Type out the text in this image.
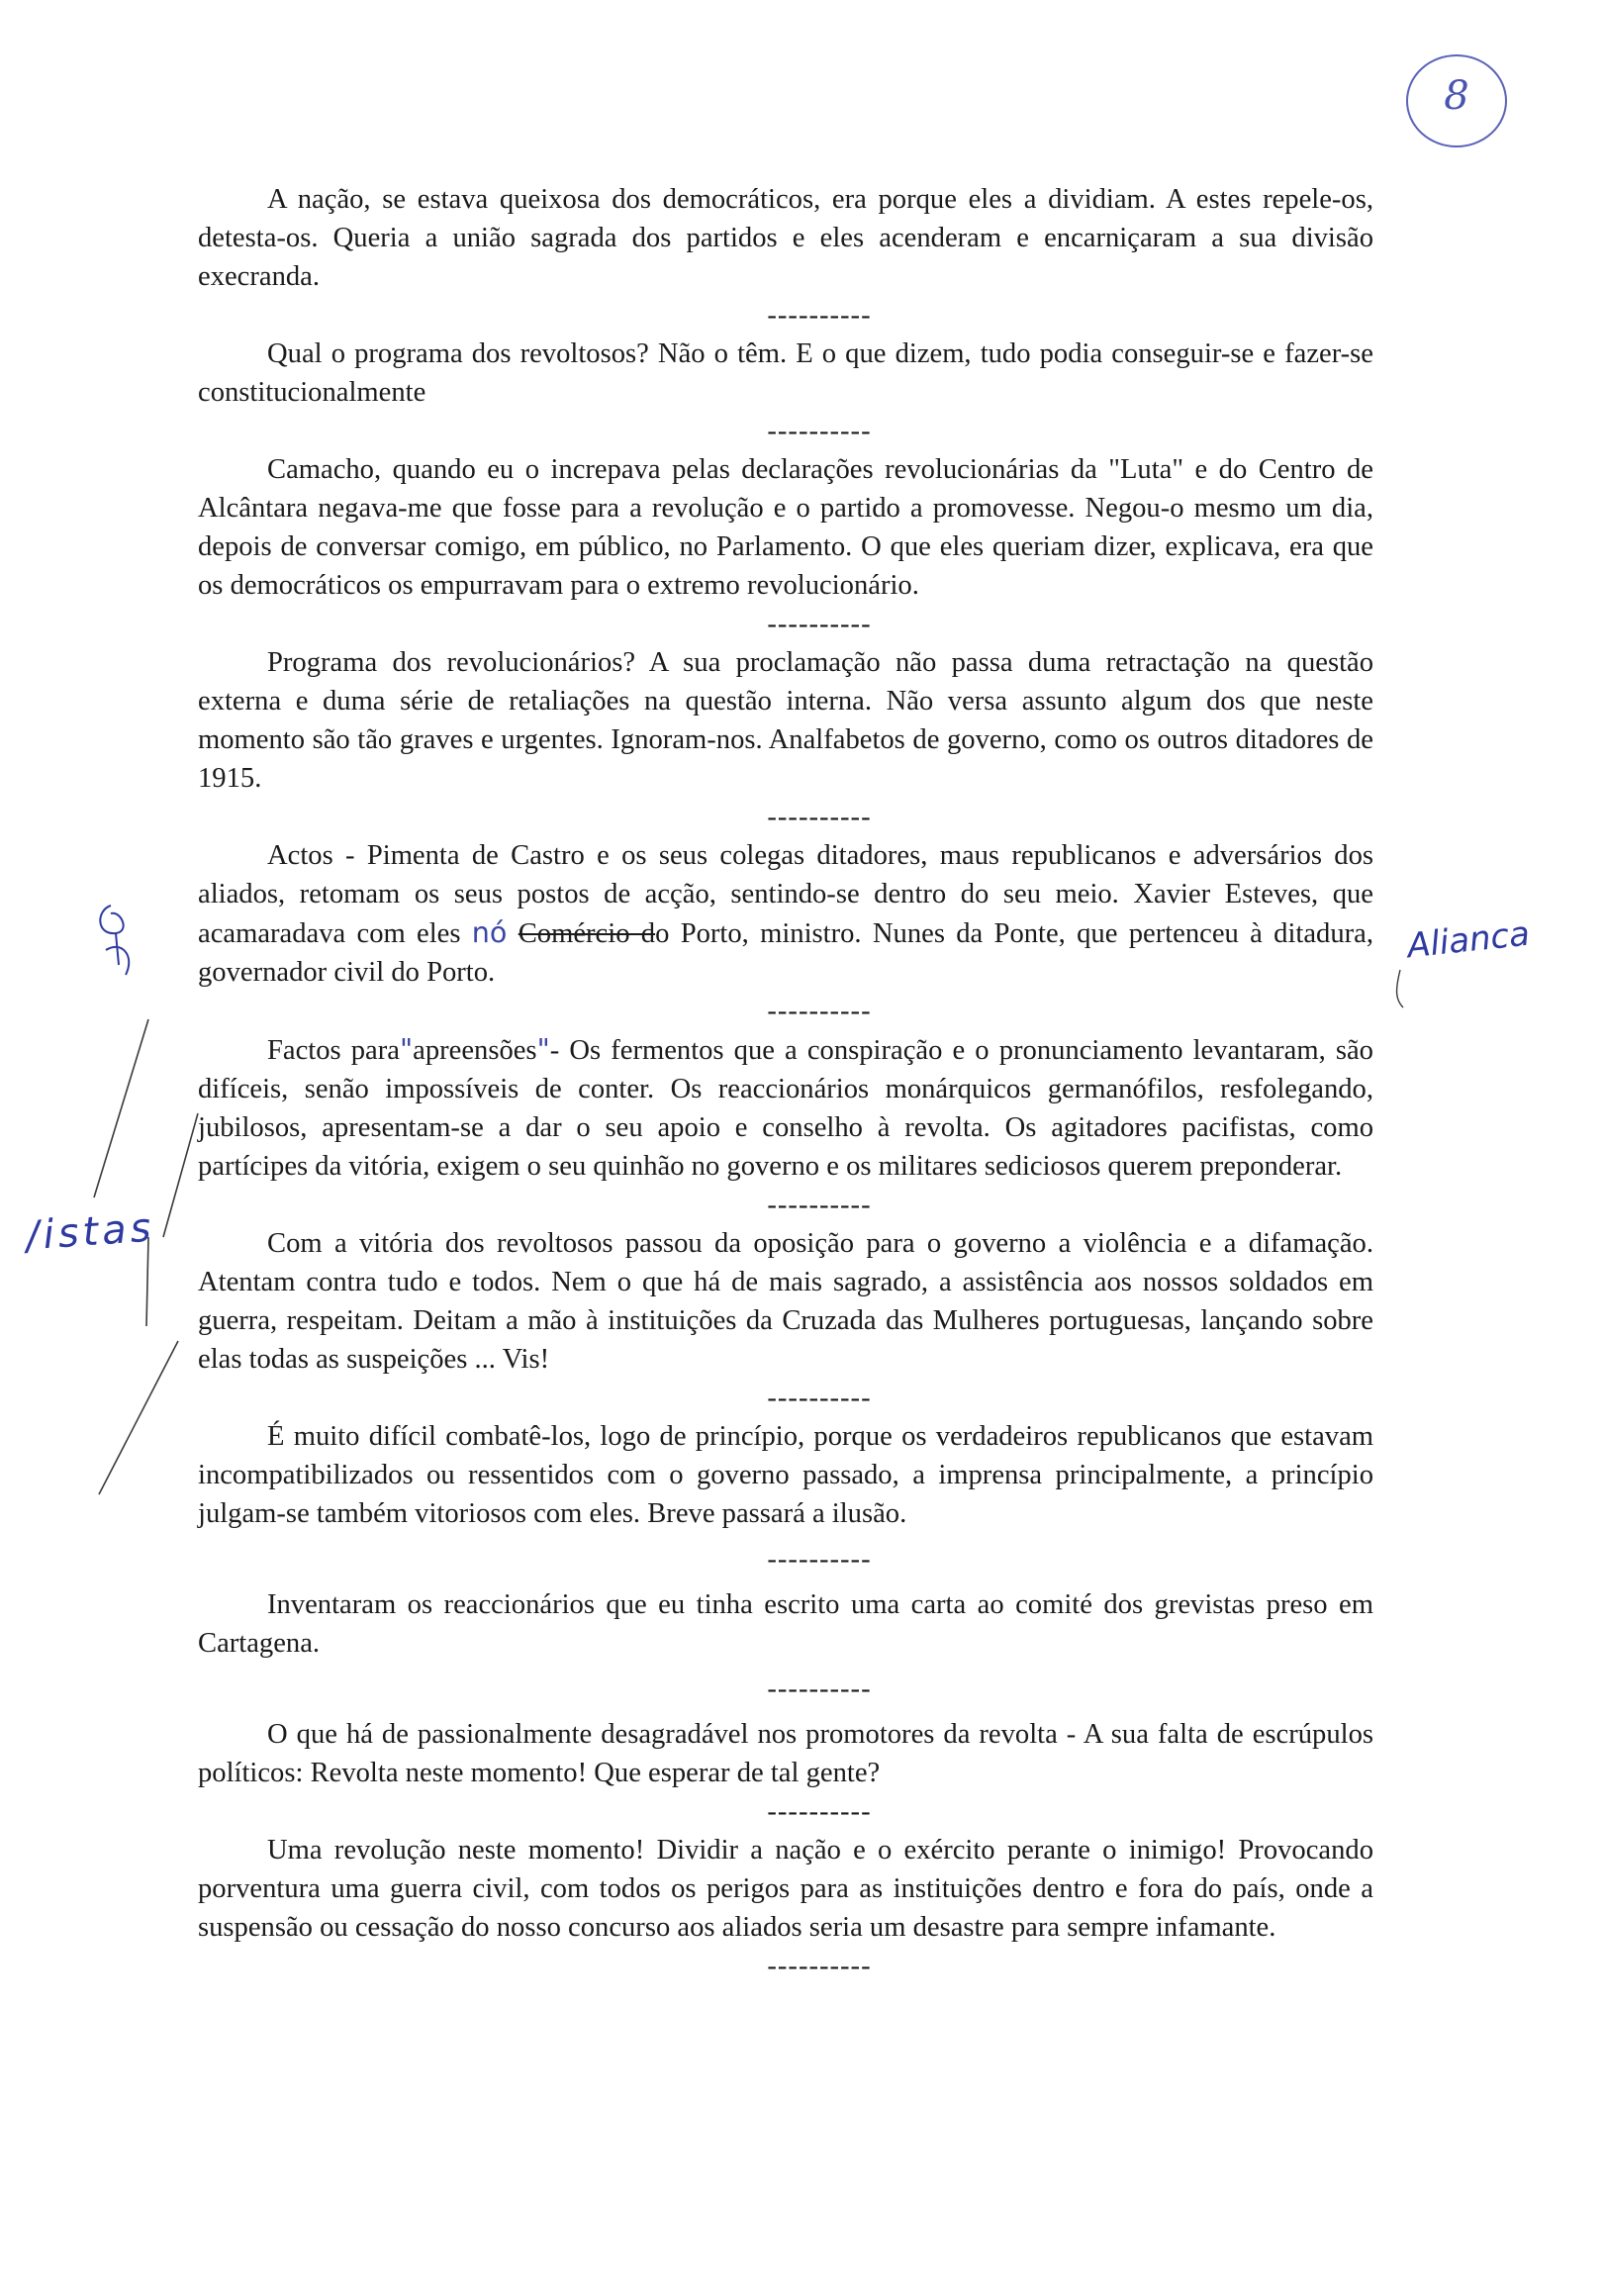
8
/istas
Alianca

A nação, se estava queixosa dos democráticos, era porque eles a dividiam. A estes repele-os, detesta-os. Queria a união sagrada dos partidos e eles acenderam e encarniçaram a sua divisão execranda.

----------

Qual o programa dos revoltosos? Não o têm. E o que dizem, tudo podia conseguir-se e fazer-se constitucionalmente

----------

Camacho, quando eu o increpava pelas declarações revolucionárias da "Luta" e do Centro de Alcântara negava-me que fosse para a revolução e o partido a promovesse. Negou-o mesmo um dia, depois de conversar comigo, em público, no Parlamento. O que eles queriam dizer, explicava, era que os democráticos os empurravam para o extremo revolucionário.

----------

Programa dos revolucionários? A sua proclamação não passa duma retractação na questão externa e duma série de retaliações na questão interna. Não versa assunto algum dos que neste momento são tão graves e urgentes. Ignoram-nos. Analfabetos de governo, como os outros ditadores de 1915.

----------

Actos - Pimenta de Castro e os seus colegas ditadores, maus republicanos e adversários dos aliados, retomam os seus postos de acção, sentindo-se dentro do seu meio. Xavier Esteves, que acamaradava com eles nó Comércio do Porto, ministro. Nunes da Ponte, que pertenceu à ditadura, governador civil do Porto.

----------

Factos para"apreensões"- Os fermentos que a conspiração e o pronunciamento levantaram, são difíceis, senão impossíveis de conter. Os reaccionários monárquicos germanófilos, resfolegando, jubilosos, apresentam-se a dar o seu apoio e conselho à revolta. Os agitadores pacifistas, como partícipes da vitória, exigem o seu quinhão no governo e os militares sediciosos querem preponderar.

----------

Com a vitória dos revoltosos passou da oposição para o governo a violência e a difamação. Atentam contra tudo e todos. Nem o que há de mais sagrado, a assistência aos nossos soldados em guerra, respeitam. Deitam a mão à instituições da Cruzada das Mulheres portuguesas, lançando sobre elas todas as suspeições ... Vis!

----------

É muito difícil combatê-los, logo de princípio, porque os verdadeiros republicanos que estavam incompatibilizados ou ressentidos com o governo passado, a imprensa principalmente, a princípio julgam-se também vitoriosos com eles. Breve passará a ilusão.

----------

Inventaram os reaccionários que eu tinha escrito uma carta ao comité dos grevistas preso em Cartagena.

----------

O que há de passionalmente desagradável nos promotores da revolta - A sua falta de escrúpulos políticos: Revolta neste momento! Que esperar de tal gente?

----------

Uma revolução neste momento! Dividir a nação e o exército perante o inimigo! Provocando porventura uma guerra civil, com todos os perigos para as instituições dentro e fora do país, onde a suspensão ou cessação do nosso concurso aos aliados seria um desastre para sempre infamante.

----------
